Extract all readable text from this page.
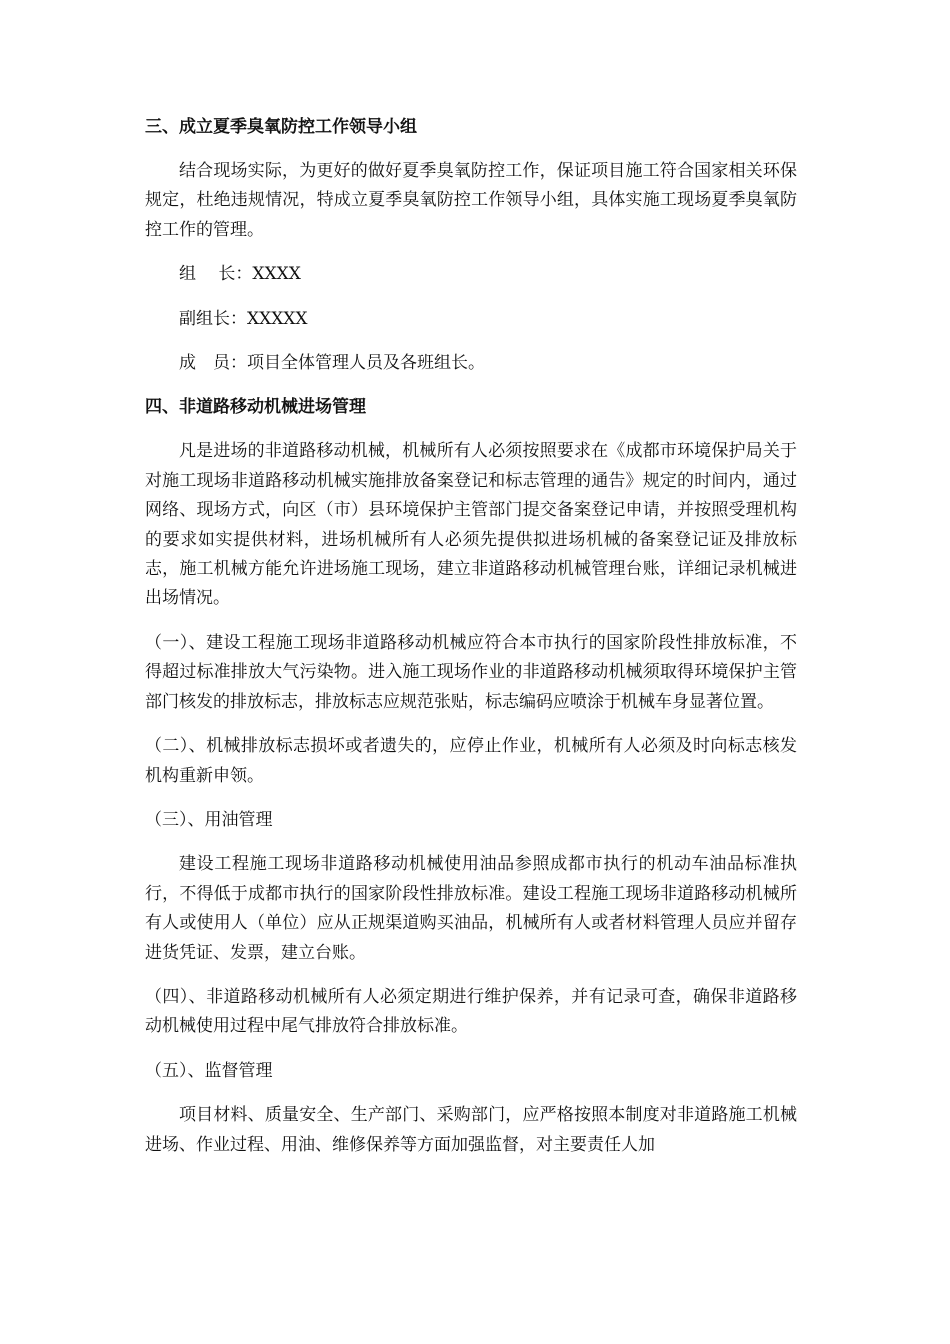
三、成立夏季臭氧防控工作领导小组
结合现场实际，为更好的做好夏季臭氧防控工作，保证项目施工符合国家相关环保规定，杜绝违规情况，特成立夏季臭氧防控工作领导小组，具体实施工现场夏季臭氧防控工作的管理。
组　 长：XXXX
副组长：XXXXX
成　员：项目全体管理人员及各班组长。
四、非道路移动机械进场管理
凡是进场的非道路移动机械，机械所有人必须按照要求在《成都市环境保护局关于对施工现场非道路移动机械实施排放备案登记和标志管理的通告》规定的时间内，通过网络、现场方式，向区（市）县环境保护主管部门提交备案登记申请，并按照受理机构的要求如实提供材料，进场机械所有人必须先提供拟进场机械的备案登记证及排放标志，施工机械方能允许进场施工现场，建立非道路移动机械管理台账，详细记录机械进出场情况。
（一）、建设工程施工现场非道路移动机械应符合本市执行的国家阶段性排放标准，不得超过标准排放大气污染物。进入施工现场作业的非道路移动机械须取得环境保护主管部门核发的排放标志，排放标志应规范张贴，标志编码应喷涂于机械车身显著位置。
（二）、机械排放标志损坏或者遗失的，应停止作业，机械所有人必须及时向标志核发机构重新申领。
（三）、用油管理
建设工程施工现场非道路移动机械使用油品参照成都市执行的机动车油品标准执行，不得低于成都市执行的国家阶段性排放标准。建设工程施工现场非道路移动机械所有人或使用人（单位）应从正规渠道购买油品，机械所有人或者材料管理人员应并留存进货凭证、发票，建立台账。
（四）、非道路移动机械所有人必须定期进行维护保养，并有记录可查，确保非道路移动机械使用过程中尾气排放符合排放标准。
（五）、监督管理
项目材料、质量安全、生产部门、采购部门，应严格按照本制度对非道路施工机械进场、作业过程、用油、维修保养等方面加强监督，对主要责任人加
